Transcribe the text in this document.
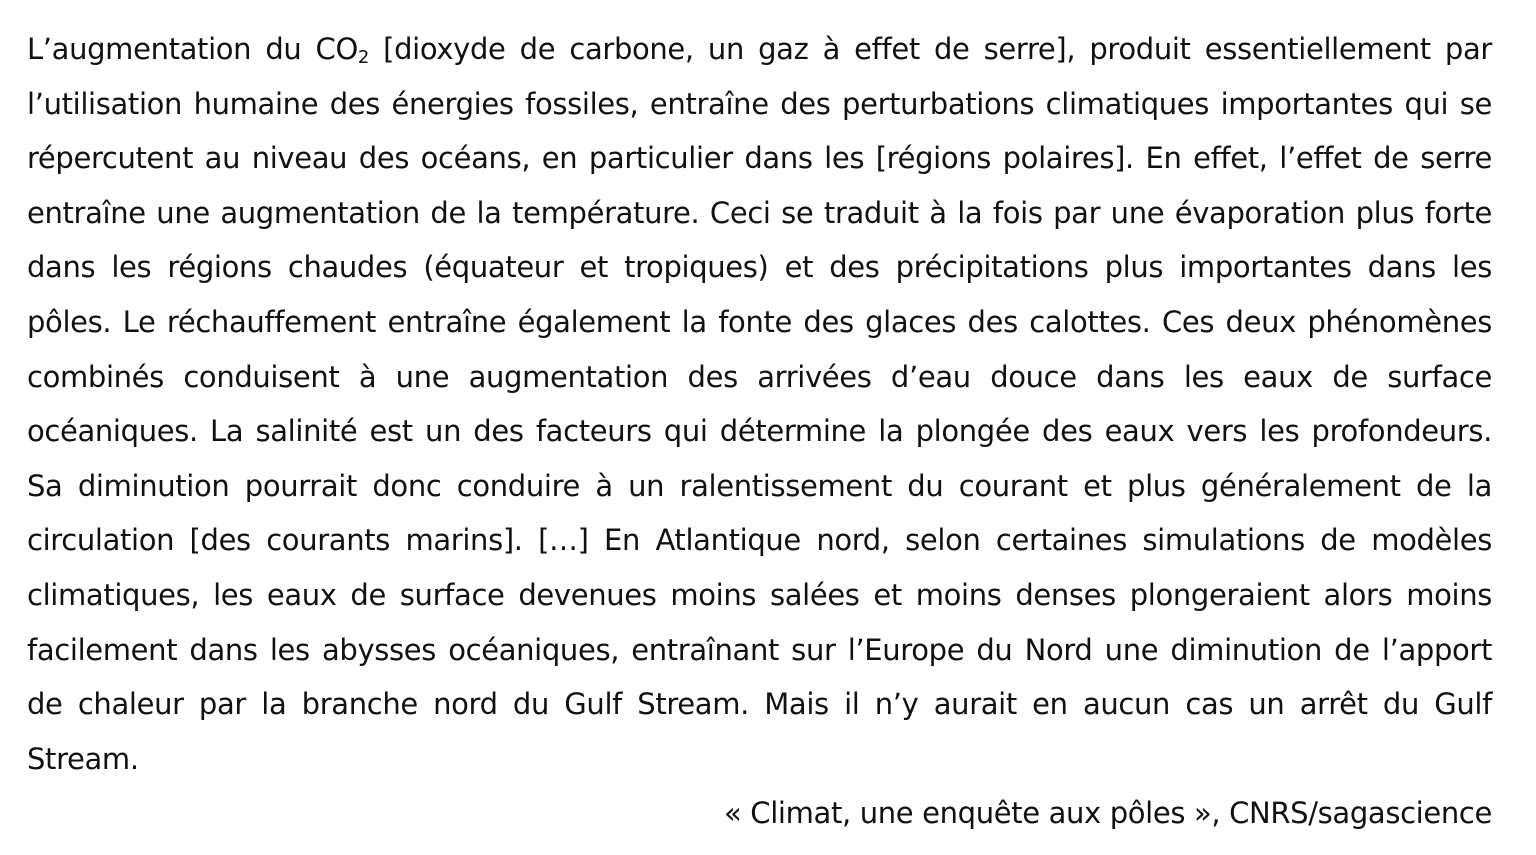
L’augmentation du $CO_2$ [dioxyde de carbone, un gaz à effet de serre], produit essentiellement par l’utilisation humaine des énergies fossiles, entraîne des perturbations climatiques importantes qui se répercutent au niveau des océans, en particulier dans les [régions polaires]. En effet, l’effet de serre entraîne une augmentation de la température. Ceci se traduit à la fois par une évaporation plus forte dans les régions chaudes (équateur et tropiques) et des précipitations plus importantes dans les pôles. Le réchauffement entraîne également la fonte des glaces des calottes. Ces deux phénomènes combinés conduisent à une augmentation des arrivées d’eau douce dans les eaux de surface océaniques. La salinité est un des facteurs qui détermine la plongée des eaux vers les profondeurs. Sa diminution pourrait donc conduire à un ralentissement du courant et plus généralement de la circulation [des courants marins]. […] En Atlantique nord, selon certaines simulations de modèles climatiques, les eaux de surface devenues moins salées et moins denses plongeraient alors moins facilement dans les abysses océaniques, entraînant sur l’Europe du Nord une diminution de l’apport de chaleur par la branche nord du Gulf Stream. Mais il n’y aurait en aucun cas un arrêt du Gulf Stream.

« Climat, une enquête aux pôles », CNRS/sagascience
